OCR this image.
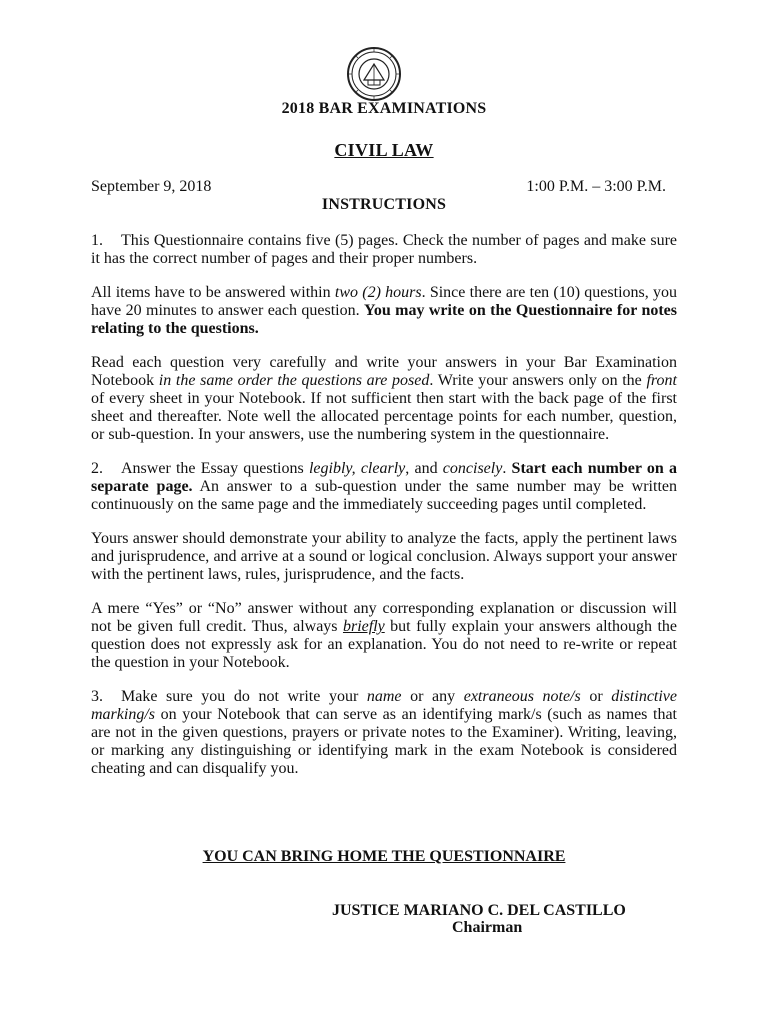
2018 BAR EXAMINATIONS
CIVIL LAW
September 9, 2018	1:00 P.M. – 3:00 P.M.
INSTRUCTIONS

1. This Questionnaire contains five (5) pages. Check the number of pages and make sure it has the correct number of pages and their proper numbers.

All items have to be answered within two (2) hours. Since there are ten (10) questions, you have 20 minutes to answer each question. You may write on the Questionnaire for notes relating to the questions.

Read each question very carefully and write your answers in your Bar Examination Notebook in the same order the questions are posed. Write your answers only on the front of every sheet in your Notebook. If not sufficient then start with the back page of the first sheet and thereafter. Note well the allocated percentage points for each number, question, or sub-question. In your answers, use the numbering system in the questionnaire.

2. Answer the Essay questions legibly, clearly, and concisely. Start each number on a separate page. An answer to a sub-question under the same number may be written continuously on the same page and the immediately succeeding pages until completed.

Yours answer should demonstrate your ability to analyze the facts, apply the pertinent laws and jurisprudence, and arrive at a sound or logical conclusion. Always support your answer with the pertinent laws, rules, jurisprudence, and the facts.

A mere “Yes” or “No” answer without any corresponding explanation or discussion will not be given full credit. Thus, always briefly but fully explain your answers although the question does not expressly ask for an explanation. You do not need to re-write or repeat the question in your Notebook.

3. Make sure you do not write your name or any extraneous note/s or distinctive marking/s on your Notebook that can serve as an identifying mark/s (such as names that are not in the given questions, prayers or private notes to the Examiner). Writing, leaving, or marking any distinguishing or identifying mark in the exam Notebook is considered cheating and can disqualify you.

YOU CAN BRING HOME THE QUESTIONNAIRE
JUSTICE MARIANO C. DEL CASTILLO
Chairman
